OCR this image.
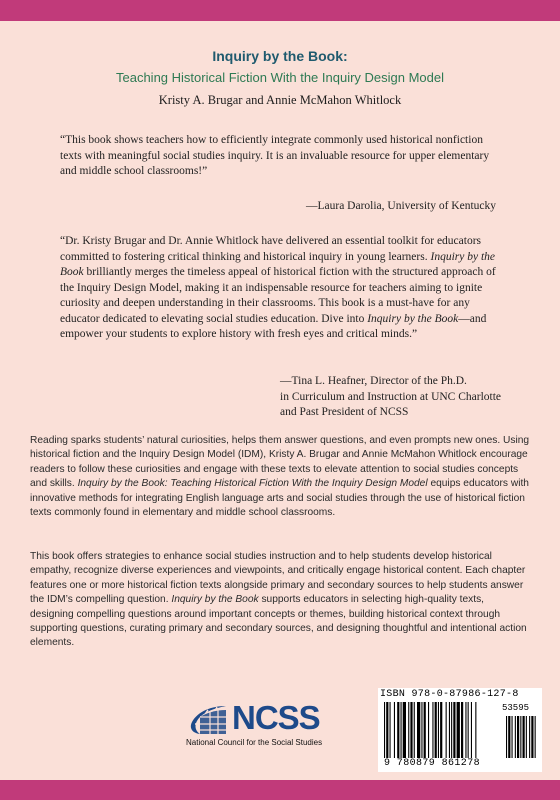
Inquiry by the Book:
Teaching Historical Fiction With the Inquiry Design Model
Kristy A. Brugar and Annie McMahon Whitlock

“This book shows teachers how to efficiently integrate commonly used historical nonfiction texts with meaningful social studies inquiry. It is an invaluable resource for upper elementary and middle school classrooms!”

—Laura Darolia, University of Kentucky

“Dr. Kristy Brugar and Dr. Annie Whitlock have delivered an essential toolkit for educators committed to fostering critical thinking and historical inquiry in young learners. Inquiry by the Book brilliantly merges the timeless appeal of historical fiction with the structured approach of the Inquiry Design Model, making it an indispensable resource for teachers aiming to ignite curiosity and deepen understanding in their classrooms. This book is a must-have for any educator dedicated to elevating social studies education. Dive into Inquiry by the Book—and empower your students to explore history with fresh eyes and critical minds.”

—Tina L. Heafner, Director of the Ph.D.
in Curriculum and Instruction at UNC Charlotte
and Past President of NCSS

Reading sparks students’ natural curiosities, helps them answer questions, and even prompts new ones. Using historical fiction and the Inquiry Design Model (IDM), Kristy A. Brugar and Annie McMahon Whitlock encourage readers to follow these curiosities and engage with these texts to elevate attention to social studies concepts and skills. Inquiry by the Book: Teaching Historical Fiction With the Inquiry Design Model equips educators with innovative methods for integrating English language arts and social studies through the use of historical fiction texts commonly found in elementary and middle school classrooms.

This book offers strategies to enhance social studies instruction and to help students develop historical empathy, recognize diverse experiences and viewpoints, and critically engage historical content. Each chapter features one or more historical fiction texts alongside primary and secondary sources to help students answer the IDM’s compelling question. Inquiry by the Book supports educators in selecting high-quality texts, designing compelling questions around important concepts or themes, building historical context through supporting questions, curating primary and secondary sources, and designing thoughtful and intentional action elements.

NCSS
National Council for the Social Studies
ISBN 978-0-87986-127-8
53595
9 780879 861278
